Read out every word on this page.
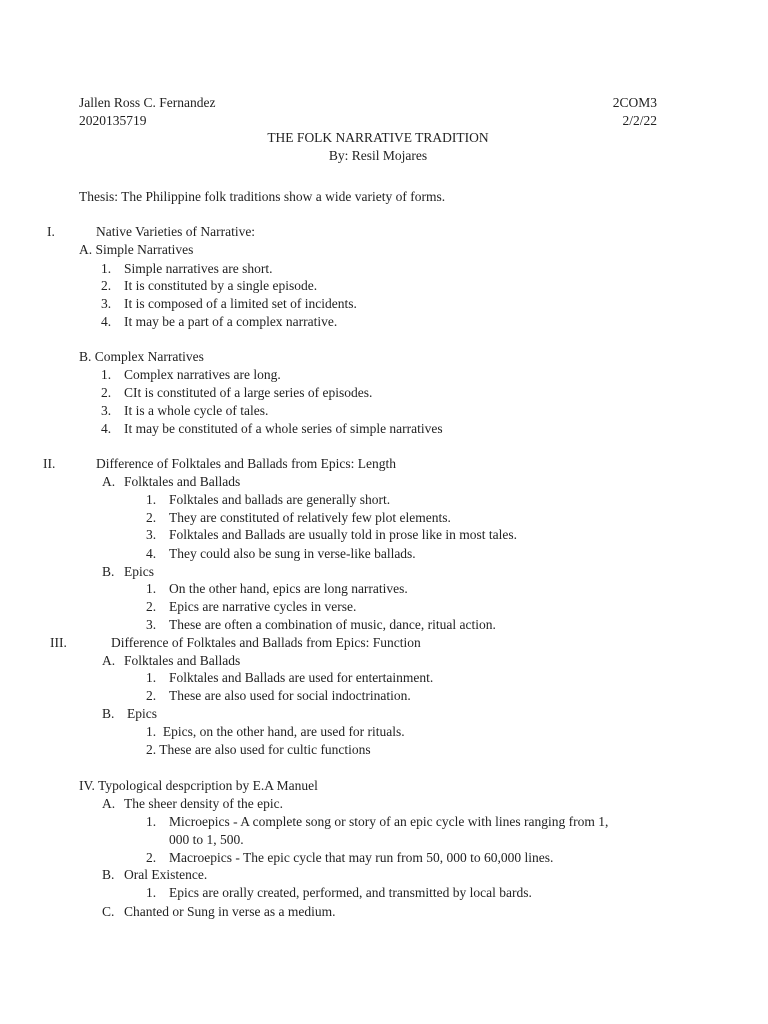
Jallen Ross C. Fernandez
2020135719
2COM3
2/2/22
THE FOLK NARRATIVE TRADITION
By: Resil Mojares
Thesis: The Philippine folk traditions show a wide variety of forms.
I.	Native Varieties of Narrative:
A. Simple Narratives
1. Simple narratives are short.
2. It is constituted by a single episode.
3. It is composed of a limited set of incidents.
4. It may be a part of a complex narrative.
B. Complex Narratives
1. Complex narratives are long.
2. CIt is constituted of a large series of episodes.
3. It is a whole cycle of tales.
4. It may be constituted of a whole series of simple narratives
II.	Difference of Folktales and Ballads from Epics: Length
A. Folktales and Ballads
1. Folktales and ballads are generally short.
2. They are constituted of relatively few plot elements.
3. Folktales and Ballads are usually told in prose like in most tales.
4. They could also be sung in verse-like ballads.
B. Epics
1. On the other hand, epics are long narratives.
2. Epics are narrative cycles in verse.
3. These are often a combination of music, dance, ritual action.
III.	Difference of Folktales and Ballads from Epics: Function
A. Folktales and Ballads
1. Folktales and Ballads are used for entertainment.
2. These are also used for social indoctrination.
B. Epics
1.  Epics, on the other hand, are used for rituals.
2. These are also used for cultic functions
IV. Typological despcription by E.A Manuel
A. The sheer density of the epic.
1. Microepics - A complete song or story of an epic cycle with lines ranging from 1,
000 to 1, 500.
2. Macroepics - The epic cycle that may run from 50, 000 to 60,000 lines.
B. Oral Existence.
1. Epics are orally created, performed, and transmitted by local bards.
C. Chanted or Sung in verse as a medium.
